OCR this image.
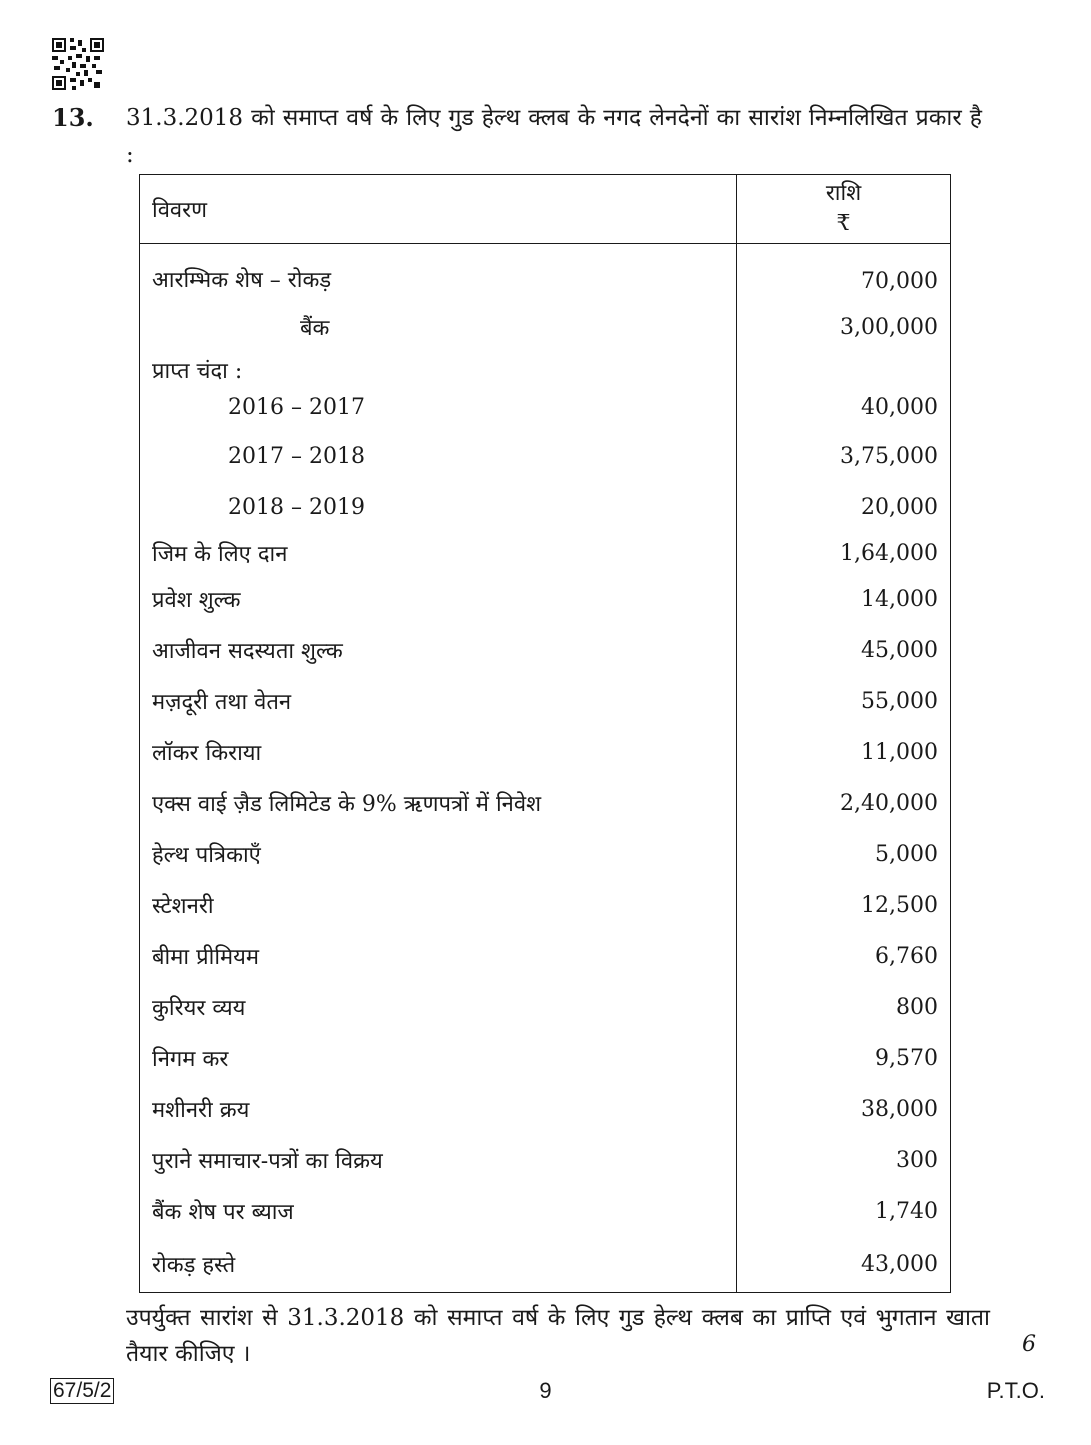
13. 31.3.2018 को समाप्त वर्ष के लिए गुड हेल्थ क्लब के नगद लेनदेनों का सारांश निम्नलिखित प्रकार है :
विवरण	राशि
₹

आरम्भिक शेष – रोकड़	70,000
बैंक	3,00,000
प्राप्त चंदा :	
2016 – 2017	40,000
2017 – 2018	3,75,000
2018 – 2019	20,000
जिम के लिए दान	1,64,000
प्रवेश शुल्क	14,000
आजीवन सदस्यता शुल्क	45,000
मज़दूरी तथा वेतन	55,000
लॉकर किराया	11,000
एक्स वाई ज़ैड लिमिटेड के 9% ऋणपत्रों में निवेश	2,40,000
हेल्थ पत्रिकाएँ	5,000
स्टेशनरी	12,500
बीमा प्रीमियम	6,760
कुरियर व्यय	800
निगम कर	9,570
मशीनरी क्रय	38,000
पुराने समाचार-पत्रों का विक्रय	300
बैंक शेष पर ब्याज	1,740
रोकड़ हस्ते	43,000
उपर्युक्त सारांश से 31.3.2018 को समाप्त वर्ष के लिए गुड हेल्थ क्लब का प्राप्ति एवं भुगतान खाता तैयार कीजिए ।	6
67/5/2	9	P.T.O.
